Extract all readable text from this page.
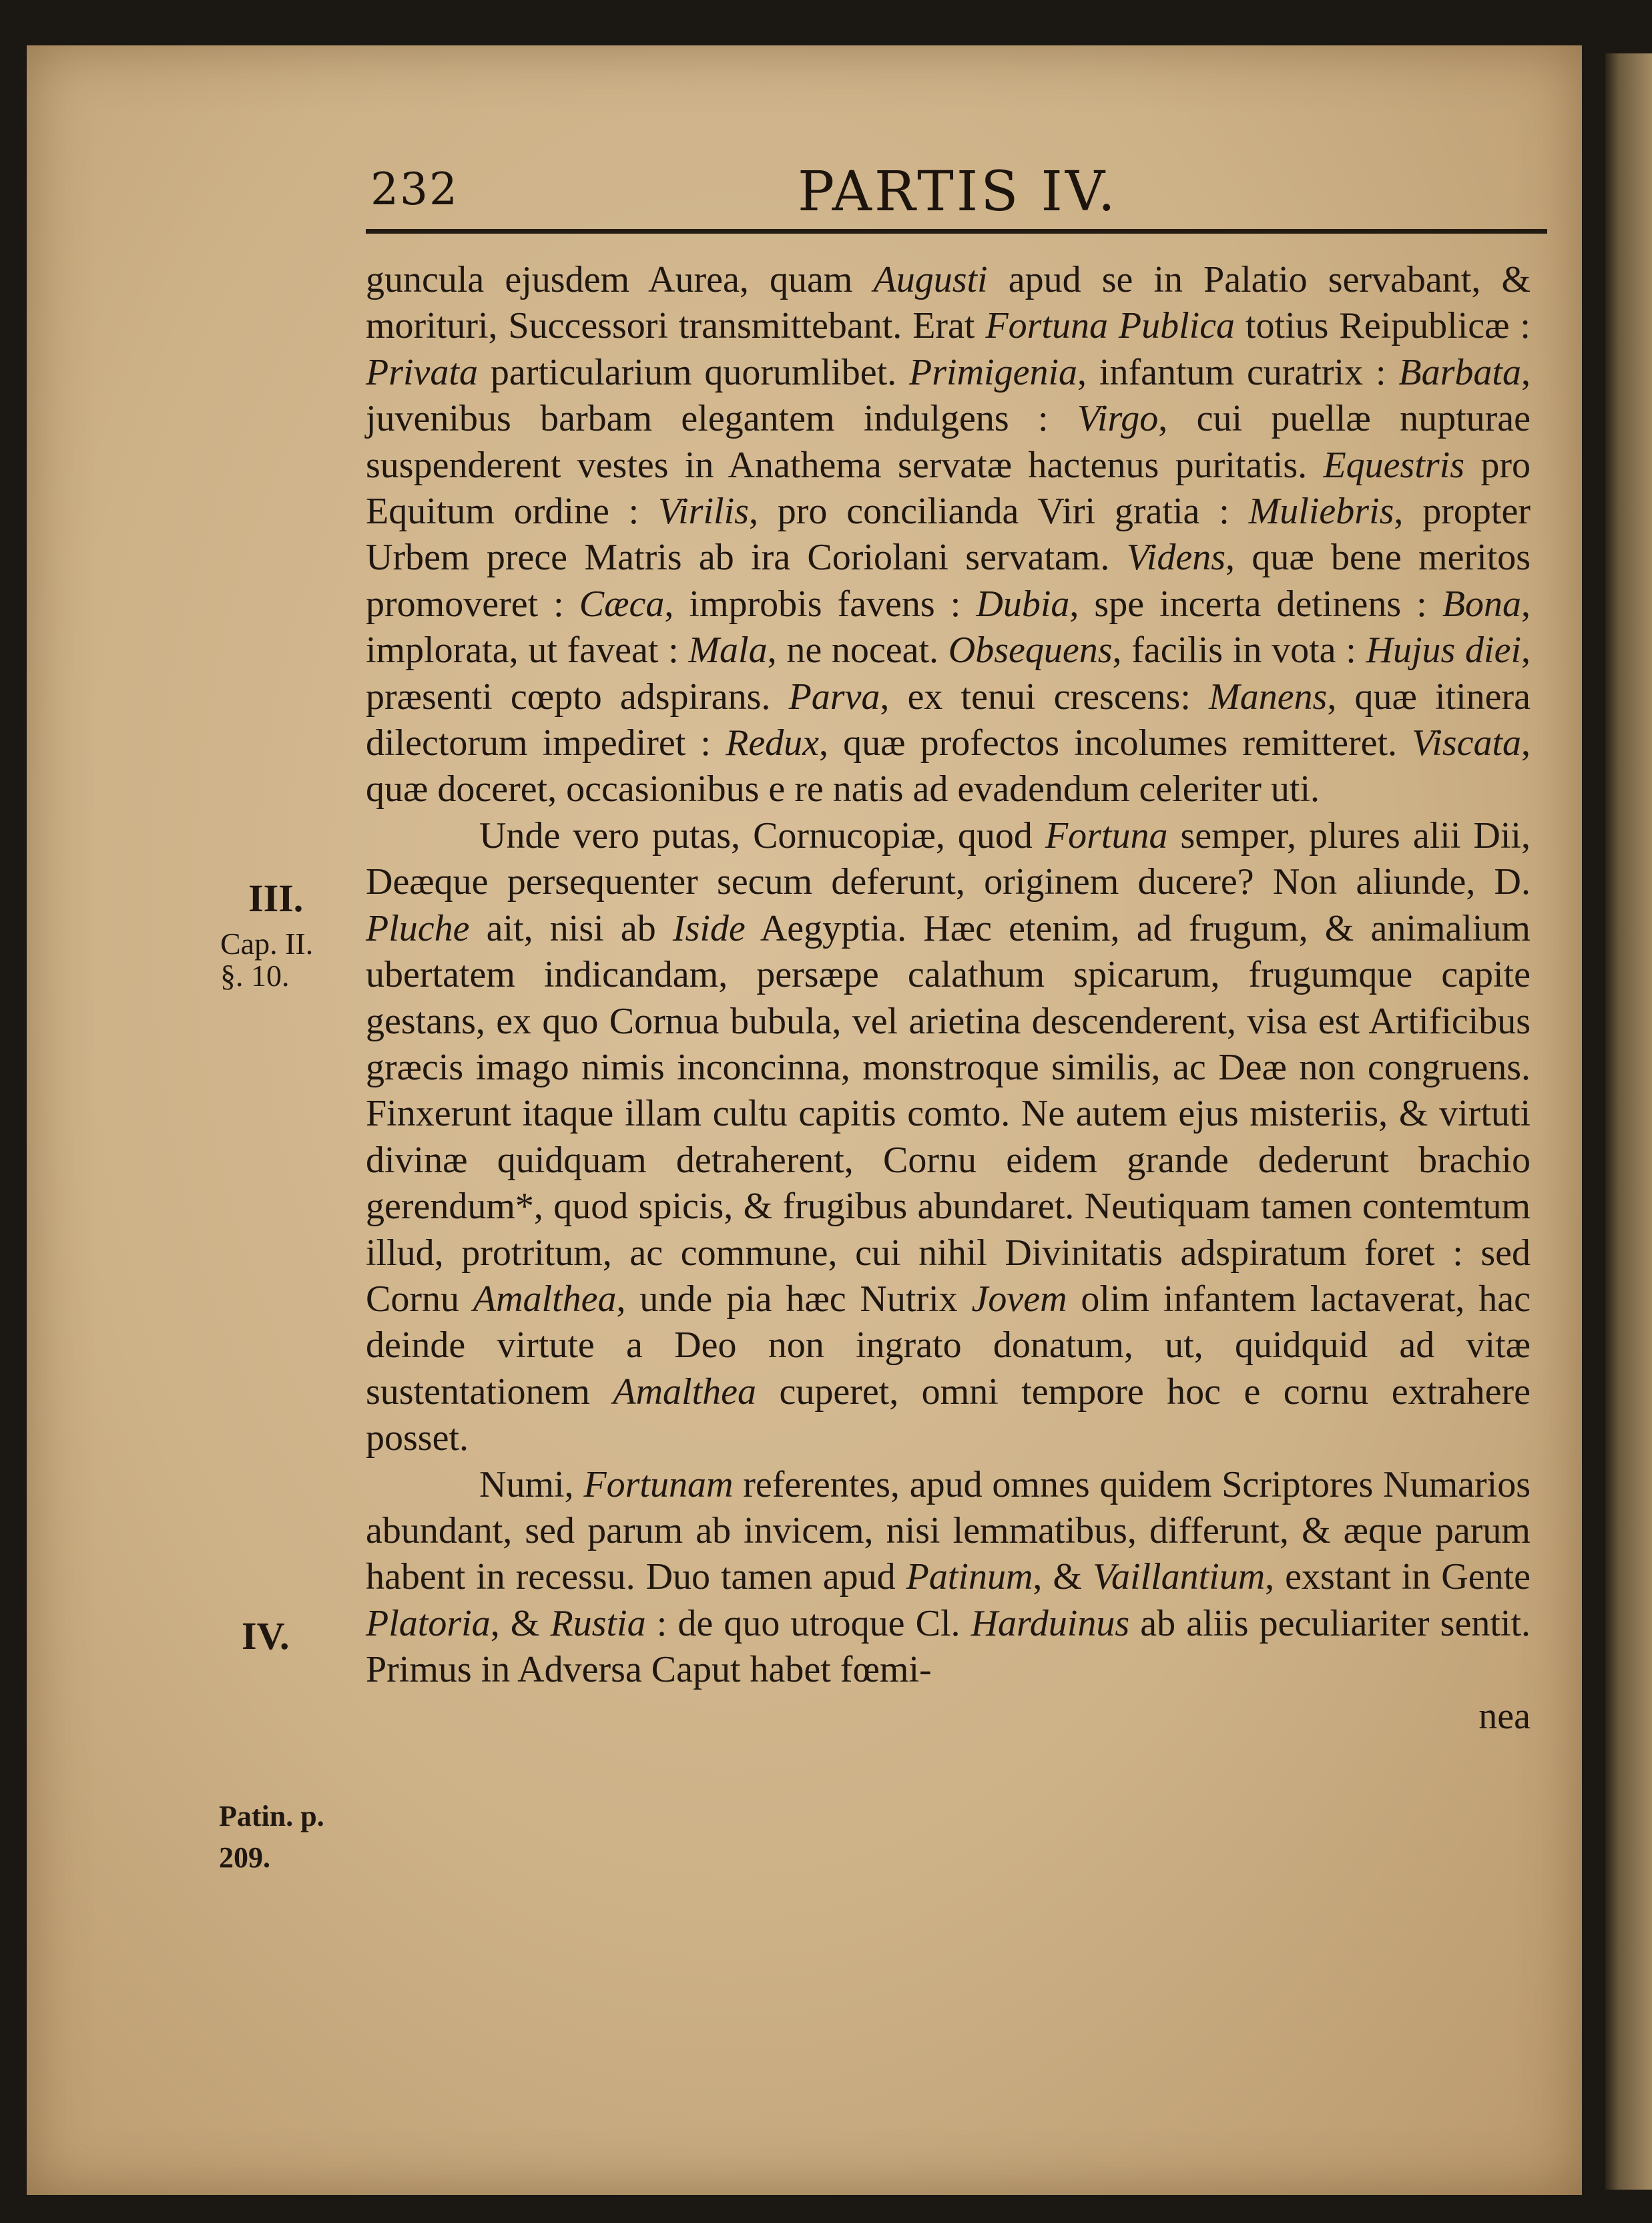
232	PARTIS IV.
III.
Cap. II.
§. 10.
IV.
Patin. p.
209.

guncula ejusdem Aurea, quam Augusti apud se in Palatio servabant, & morituri, Successori transmittebant. Erat Fortuna Publica totius Reipublicæ : Privata particularium quorumlibet. Primigenia, infantum curatrix : Barbata, juvenibus barbam elegantem indulgens : Virgo, cui puellæ nupturae suspenderent vestes in Anathema servatæ hactenus puritatis. Equestris pro Equitum ordine : Virilis, pro concilianda Viri gratia : Muliebris, propter Urbem prece Matris ab ira Coriolani servatam. Videns, quæ bene meritos promoveret : Cæca, improbis favens : Dubia, spe incerta detinens : Bona, implorata, ut faveat : Mala, ne noceat. Obsequens, facilis in vota : Hujus diei, præsenti cœpto adspirans. Parva, ex tenui crescens: Manens, quæ itinera dilectorum impediret : Redux, quæ profectos incolumes remitteret. Viscata, quæ doceret, occasionibus e re natis ad evadendum celeriter uti.

Unde vero putas, Cornucopiæ, quod Fortuna semper, plures alii Dii, Deæque persequenter secum deferunt, originem ducere? Non aliunde, D. Pluche ait, nisi ab Iside Aegyptia. Hæc etenim, ad frugum, & animalium ubertatem indicandam, persæpe calathum spicarum, frugumque capite gestans, ex quo Cornua bubula, vel arietina descenderent, visa est Artificibus græcis imago nimis inconcinna, monstroque similis, ac Deæ non congruens. Finxerunt itaque illam cultu capitis comto. Ne autem ejus misteriis, & virtuti divinæ quidquam detraherent, Cornu eidem grande dederunt brachio gerendum*, quod spicis, & frugibus abundaret. Neutiquam tamen contemtum illud, protritum, ac commune, cui nihil Divinitatis adspiratum foret : sed Cornu Amalthea, unde pia hæc Nutrix Jovem olim infantem lactaverat, hac deinde virtute a Deo non ingrato donatum, ut, quidquid ad vitæ sustentationem Amalthea cuperet, omni tempore hoc e cornu extrahere posset.

Numi, Fortunam referentes, apud omnes quidem Scriptores Numarios abundant, sed parum ab invicem, nisi lemmatibus, differunt, & æque parum habent in recessu. Duo tamen apud Patinum, & Vaillantium, exstant in Gente Platoria, & Rustia : de quo utroque Cl. Harduinus ab aliis peculiariter sentit. Primus in Adversa Caput habet fœmi-

nea
